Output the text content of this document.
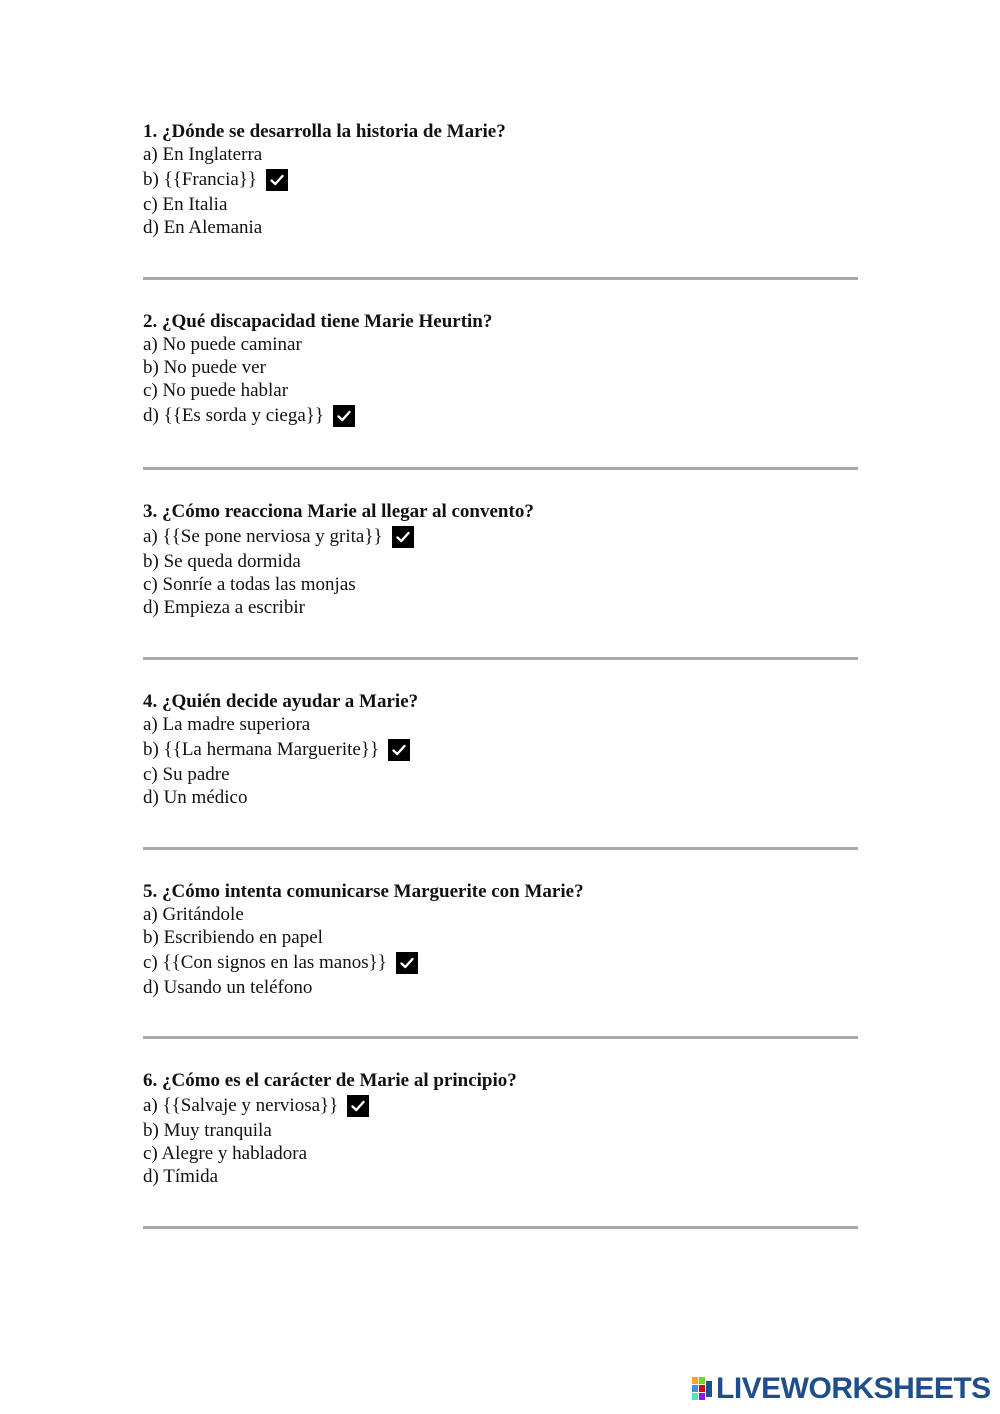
1. ¿Dónde se desarrolla la historia de Marie?
a) En Inglaterra
b) {{Francia}}
c) En Italia
d) En Alemania
2. ¿Qué discapacidad tiene Marie Heurtin?
a) No puede caminar
b) No puede ver
c) No puede hablar
d) {{Es sorda y ciega}}
3. ¿Cómo reacciona Marie al llegar al convento?
a) {{Se pone nerviosa y grita}}
b) Se queda dormida
c) Sonríe a todas las monjas
d) Empieza a escribir
4. ¿Quién decide ayudar a Marie?
a) La madre superiora
b) {{La hermana Marguerite}}
c) Su padre
d) Un médico
5. ¿Cómo intenta comunicarse Marguerite con Marie?
a) Gritándole
b) Escribiendo en papel
c) {{Con signos en las manos}}
d) Usando un teléfono
6. ¿Cómo es el carácter de Marie al principio?
a) {{Salvaje y nerviosa}}
b) Muy tranquila
c) Alegre y habladora
d) Tímida
LIVEWORKSHEETS
